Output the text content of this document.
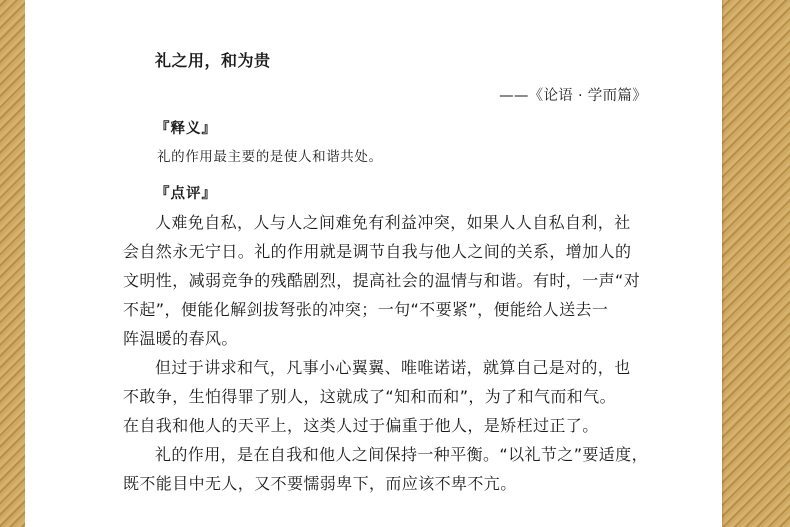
礼之用，和为贵
——《论语 · 学而篇》
『释义』
礼的作用最主要的是使人和谐共处。
『点评』
人难免自私，人与人之间难免有利益冲突，如果人人自私自利，社
会自然永无宁日。礼的作用就是调节自我与他人之间的关系，增加人的
文明性，减弱竞争的残酷剧烈，提高社会的温情与和谐。有时，一声“对
不起”，便能化解剑拔弩张的冲突；一句“不要紧”，便能给人送去一
阵温暖的春风。
但过于讲求和气，凡事小心翼翼、唯唯诺诺，就算自己是对的，也
不敢争，生怕得罪了别人，这就成了“知和而和”，为了和气而和气。
在自我和他人的天平上，这类人过于偏重于他人，是矫枉过正了。
礼的作用，是在自我和他人之间保持一种平衡。“以礼节之”要适度，
既不能目中无人，又不要懦弱卑下，而应该不卑不亢。
